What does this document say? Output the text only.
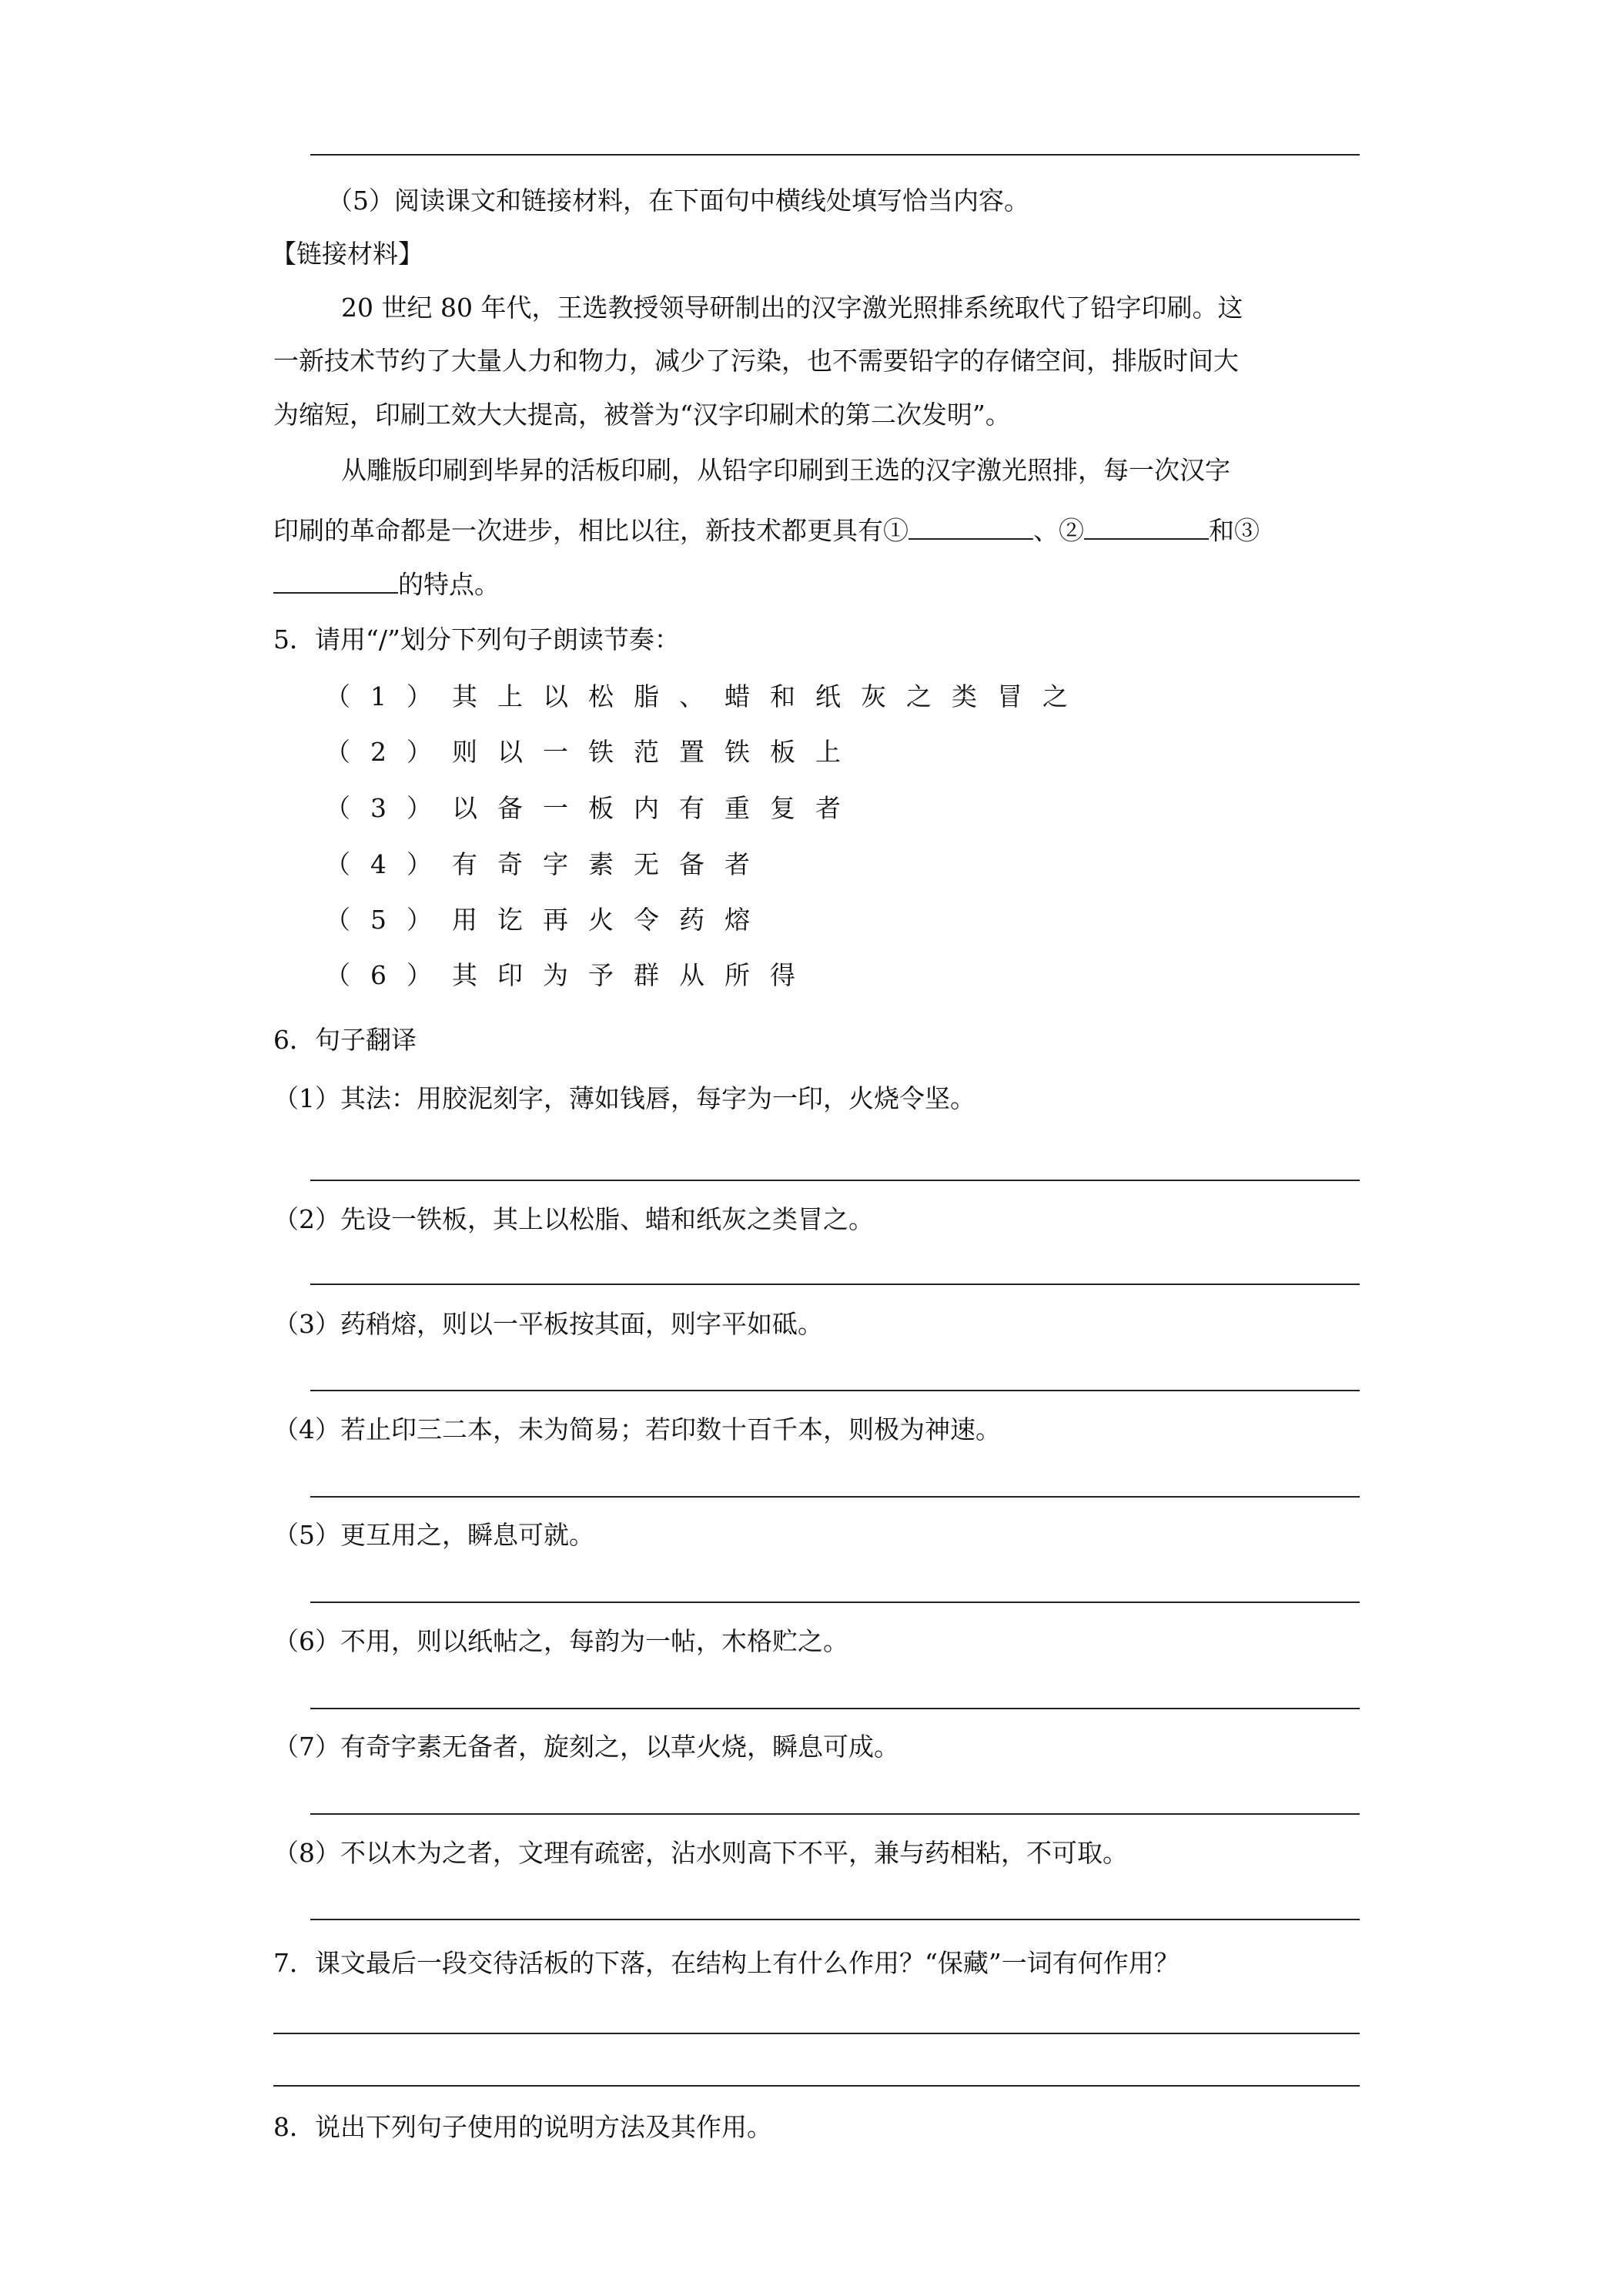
（5）阅读课文和链接材料，在下面句中横线处填写恰当内容。
【链接材料】
20 世纪 80 年代，王选教授领导研制出的汉字激光照排系统取代了铅字印刷。这
一新技术节约了大量人力和物力，减少了污染，也不需要铅字的存储空间，排版时间大
为缩短，印刷工效大大提高，被誉为“汉字印刷术的第二次发明”。
从雕版印刷到毕昇的活板印刷，从铅字印刷到王选的汉字激光照排，每一次汉字
印刷的革命都是一次进步，相比以往，新技术都更具有①	、②	和③
的特点。
5．请用“/”划分下列句子朗读节奏：
（1）其上以松脂、蜡和纸灰之类冒之
（2）则以一铁范置铁板上
（3）以备一板内有重复者
（4）有奇字素无备者
（5）用讫再火令药熔
（6）其印为予群从所得
6．句子翻译
（1）其法：用胶泥刻字，薄如钱唇，每字为一印，火烧令坚。
（2）先设一铁板，其上以松脂、蜡和纸灰之类冒之。
（3）药稍熔，则以一平板按其面，则字平如砥。
（4）若止印三二本，未为简易；若印数十百千本，则极为神速。
（5）更互用之，瞬息可就。
（6）不用，则以纸帖之，每韵为一帖，木格贮之。
（7）有奇字素无备者，旋刻之，以草火烧，瞬息可成。
（8）不以木为之者，文理有疏密，沾水则高下不平，兼与药相粘，不可取。
7．课文最后一段交待活板的下落，在结构上有什么作用？“保藏”一词有何作用？
8．说出下列句子使用的说明方法及其作用。
